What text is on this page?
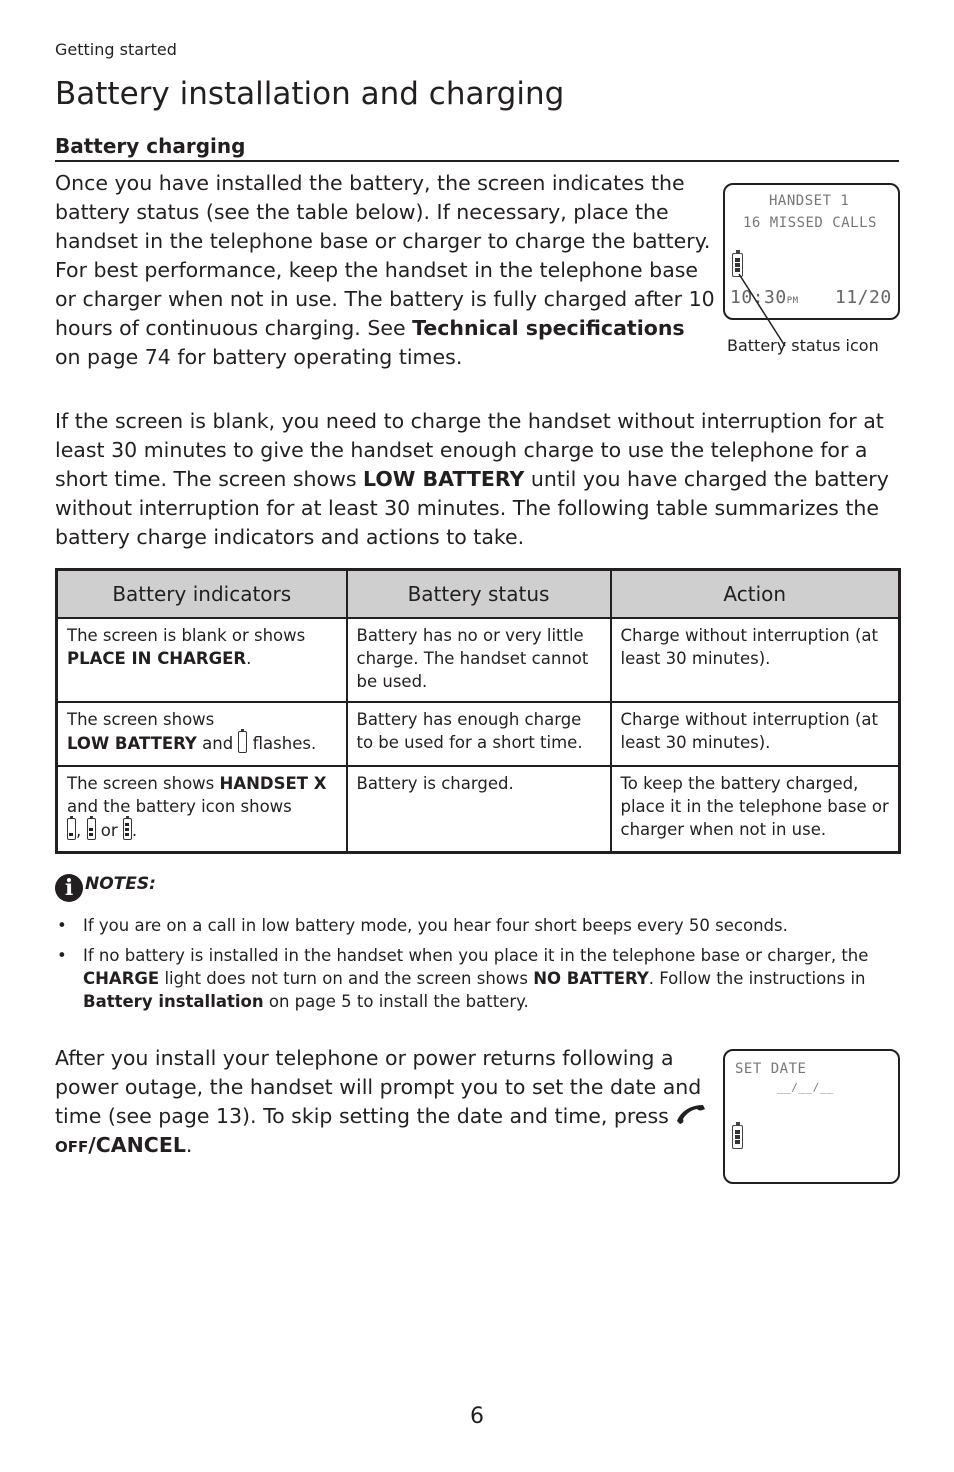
Getting started
Battery installation and charging
Battery charging
Once you have installed the battery, the screen indicates the battery status (see the table below). If necessary, place the handset in the telephone base or charger to charge the battery. For best performance, keep the handset in the telephone base or charger when not in use. The battery is fully charged after 10 hours of continuous charging. See Technical specifications on page 74 for battery operating times.
HANDSET 1
16 MISSED CALLS
10:30PM 11/20
Battery status icon
If the screen is blank, you need to charge the handset without interruption for at least 30 minutes to give the handset enough charge to use the telephone for a short time. The screen shows LOW BATTERY until you have charged the battery without interruption for at least 30 minutes. The following table summarizes the battery charge indicators and actions to take.
Battery indicators	Battery status	Action
The screen is blank or shows PLACE IN CHARGER.	Battery has no or very little charge. The handset cannot be used.	Charge without interruption (at least 30 minutes).
The screen shows
LOW BATTERY and  flashes.	Battery has enough charge to be used for a short time.	Charge without interruption (at least 30 minutes).
The screen shows HANDSET X and the battery icon shows

,
or
.	Battery is charged.	To keep the battery charged, place it in the telephone base or charger when not in use.
i NOTES:
• If you are on a call in low battery mode, you hear four short beeps every 50 seconds.
• If no battery is installed in the handset when you place it in the telephone base or charger, the CHARGE light does not turn on and the screen shows NO BATTERY. Follow the instructions in Battery installation on page 5 to install the battery.
After you install your telephone or power returns following a power outage, the handset will prompt you to set the date and time (see page 13). To skip setting the date and time, press OFF/CANCEL.
SET DATE
__/__/__
6
